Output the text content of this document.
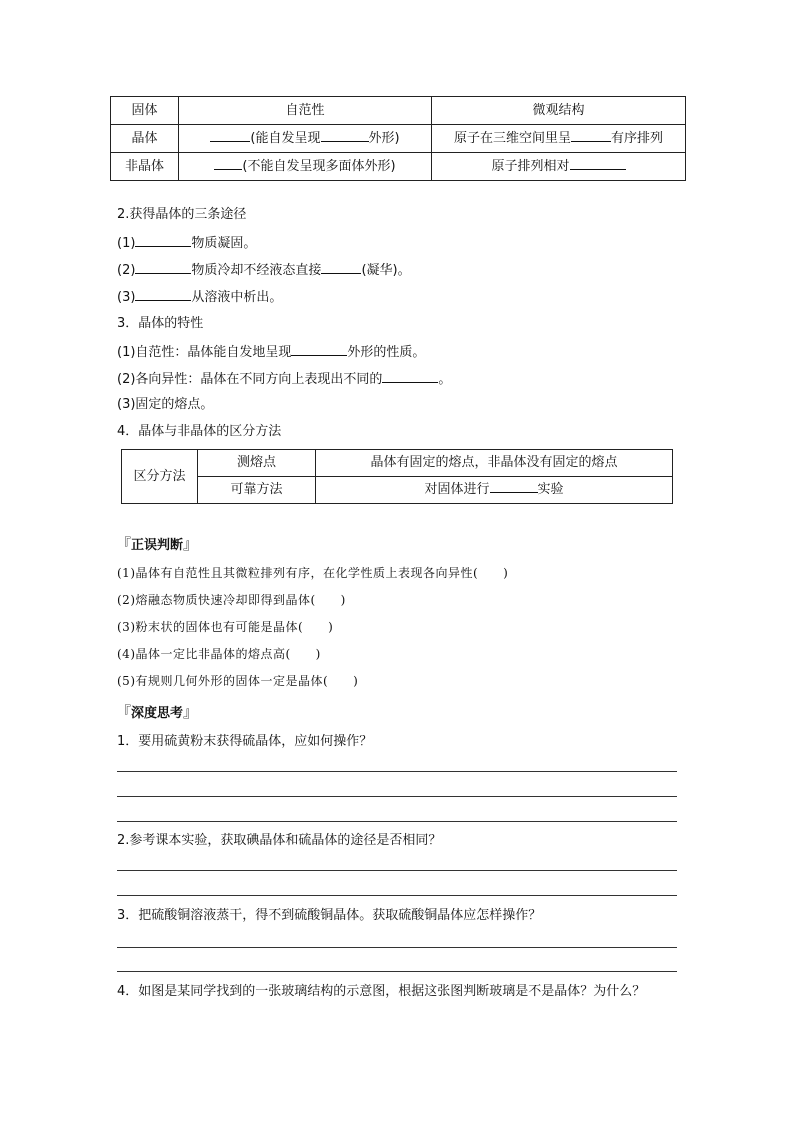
固体	自范性	微观结构
晶体	(能自发呈现 外形)	原子在三维空间里呈 有序排列
非晶体	(不能自发呈现多面体外形)	原子排列相对
2.获得晶体的三条途径
(1)	物质凝固。
(2)	物质冷却不经液态直接	(凝华)。
(3)	从溶液中析出。
3．晶体的特性
(1)自范性：晶体能自发地呈现	外形的性质。
(2)各向异性：晶体在不同方向上表现出不同的	。
(3)固定的熔点。
4．晶体与非晶体的区分方法
区分方法	测熔点	晶体有固定的熔点，非晶体没有固定的熔点
	可靠方法	对固体进行 实验
『正误判断』
(1)晶体有自范性且其微粒排列有序，在化学性质上表现各向异性(　　)
(2)熔融态物质快速冷却即得到晶体(　　)
(3)粉末状的固体也有可能是晶体(　　)
(4)晶体一定比非晶体的熔点高(　　)
(5)有规则几何外形的固体一定是晶体(　　)
『深度思考』
1．要用硫黄粉末获得硫晶体，应如何操作？
2.参考课本实验，获取碘晶体和硫晶体的途径是否相同？
3．把硫酸铜溶液蒸干，得不到硫酸铜晶体。获取硫酸铜晶体应怎样操作？
4．如图是某同学找到的一张玻璃结构的示意图，根据这张图判断玻璃是不是晶体？为什么？
